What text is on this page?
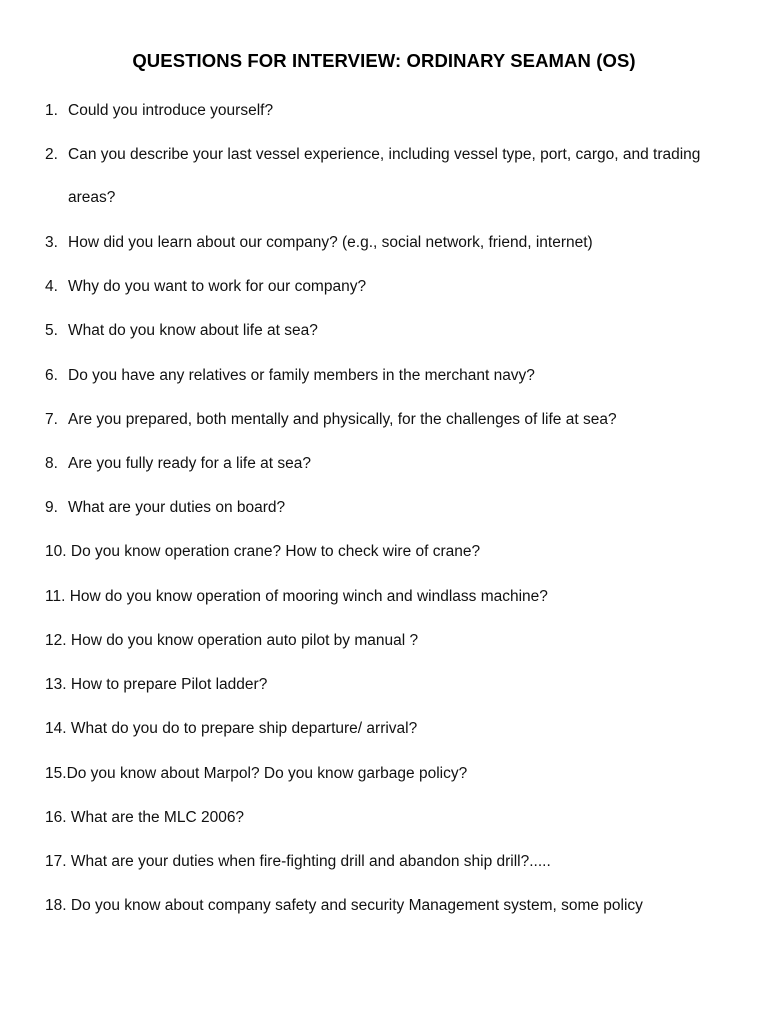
QUESTIONS FOR INTERVIEW: ORDINARY SEAMAN (OS)
1. Could you introduce yourself?
2. Can you describe your last vessel experience, including vessel type, port, cargo, and trading
areas?
3. How did you learn about our company? (e.g., social network, friend, internet)
4. Why do you want to work for our company?
5. What do you know about life at sea?
6. Do you have any relatives or family members in the merchant navy?
7. Are you prepared, both mentally and physically, for the challenges of life at sea?
8. Are you fully ready for a life at sea?
9. What are your duties on board?
10. Do you know operation crane? How to check wire of crane?
11. How do you know operation of mooring winch and windlass machine?
12. How do you know operation auto pilot by manual ?
13. How to prepare Pilot ladder?
14. What do you do to prepare ship departure/ arrival?
15.Do you know about Marpol? Do you know garbage policy?
16. What are the MLC 2006?
17. What are your duties when fire-fighting drill and abandon ship drill?.....
18. Do you know about company safety and security Management system, some policy
